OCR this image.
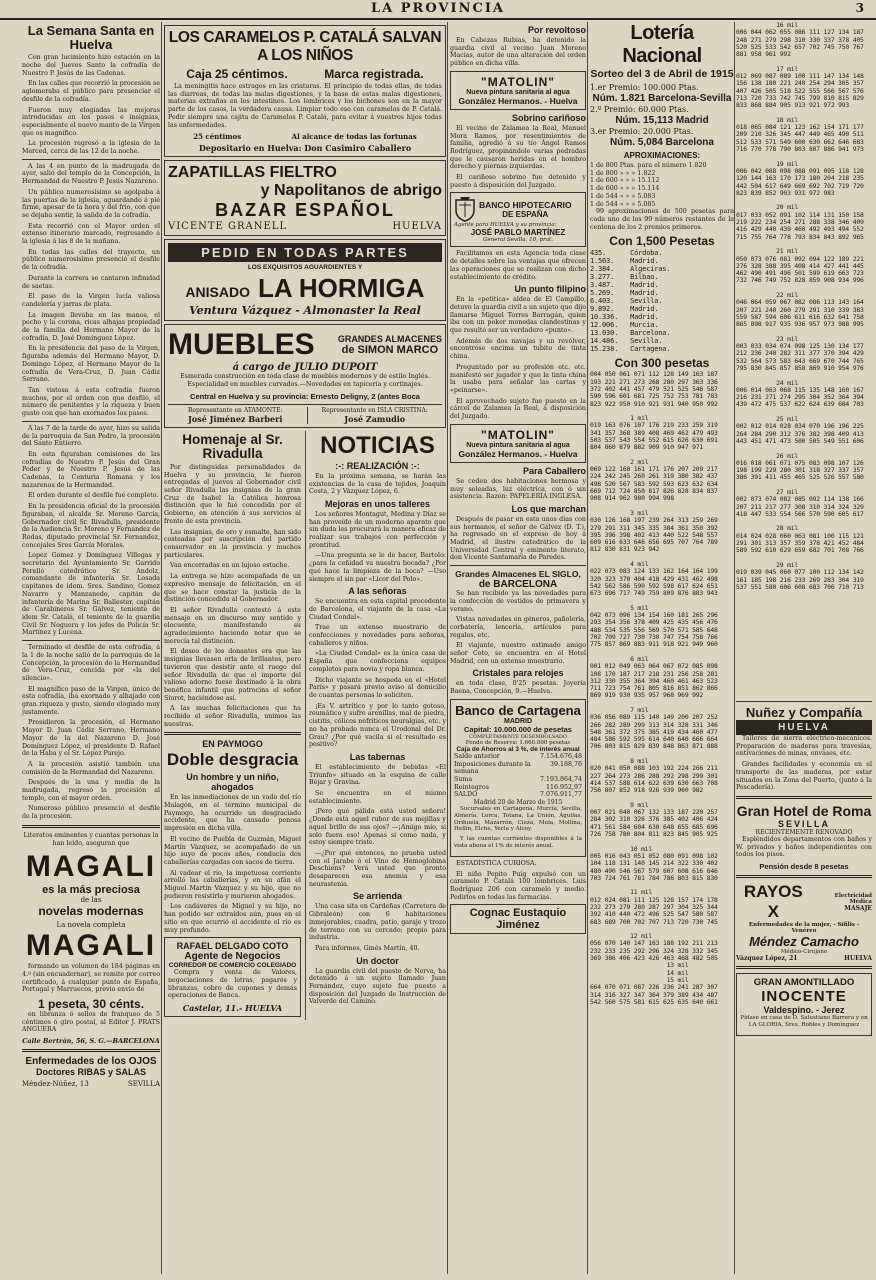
LA PROVINCIA	3
La Semana Santa en Huelva

Con gran lucimiento hizo estación en la noche del Jueves Santo la cofradía de Nuestro P. Jesús de las Cadenas.

En las calles que recorrió la procesión se aglomeraba el público para presenciar el desfile de la cofradía.

Fueron muy elogiadas las mejoras introducidas en los pasos e insignias, especialmente el nuevo manto de la Virgen que es magnífico.

La procesión regresó a la iglesia de la Merced, cerca de las 12 de la noche.

A las 4 en punto de la madrugada de ayer, salió del templo de la Concepción, la Hermandad de Nuestro P. Jesús Nazareno.

Un público numerosísimo se agolpaba á las puertas de la iglesia, aguardando á pié firme, apesar de la hora y del frio, con que se dejaba sentir, la salida de la cofradía.

Esta recorrió con el Mayor orden el extenso itinerario marcado, regresando á la iglesia á las 8 de la mañana.

En todas las calles del trayecto, un público numerosísimo presenció el desfile de la cofradía.

Durante la carrera se cantaron infinidad de saetas.

El paso de la Virgen lucía valiosa candelería y jarras de plata.

La imagen llevaba en las manos, el pecho y la corona, ricas alhajas propiedad de la familia del Hermano Mayor de la cofradía, D. José Domínguez López.

En la presidencia del paso de la Virgen, figuraba además del Hermano Mayor, D. Domingo López, el Hermano Mayor de la cofradía de Vera-Cruz, D. Juan Cádiz Serrano.

Tan vistosa á esta cofradía fueron muchos, por el orden con que desfiló, el número de penitentes y la riqueza y buen gusto con que han exornados los pasos.

A las 7 de la tarde de ayer, hizo su salida de la parroquia de San Pedro, la procesión del Santo Entierro.

En esta figuraban comisiones de las cofradías de Nuestro P. Jesús del Gran Poder y de Nuestro P. Jesús de las Cadenas, la Centuria Romana y los nazarenos de la Hermandad.

El orden durante el desfile fué completo.

En la presidencia oficial de la procesión figuraban, el alcalde Sr. Moreno García, Gobernador civil Sr. Rivadulla, presidente de la Audiencia Sr. Moreno y Fernandez de Rodas, diputado provincial Sr. Fernandez, concejales Sres García Morales.

Lopez Gomez y Domínguez Villegas y secretario del Ayuntamiento Sr. Garrido Perelló catedrático Sr. Andolz, comandante de infantería Sr. Losada capitanes de idem. Sres. Sandino, Gomez Navarro y Manzanedo, capitán de infantería de Marina Sr. Ballester, capitán de Carabineros Sr. Gálvez, teniente de idem Sr. Catalá, el teniente de la guardia Civil Sr. Noguera y los jefes de Policía Sr. Martínez y Lucena.

Terminado el desfile de esta cofradía, á la 1 de la noche salió de la parroquia de la Concepción, la procesión de la Hermandad de Vera-Cruz, concida por «la del silencio».

El magnífico paso de la Virgen, único de esta cofradía, iba exornado y alhajado con gran riqueza y gusto, siendo elogiado muy justamente.

Presidieron la procesión, el Hermano Mayor D. Juan Cádiz Serrano, Hermano Mayor de la del Nazareno D. José Domínguez López, el presidente D. Rafael de la Haba y el Sr. López Parejo.

A la procesión asistió también una comisión de la Hermandad del Nazareno.

Después de la una y media de la madrugada, regresó la procesión al templo, con el mayor orden.

Numeroso público presenció el desfile de la procesión.

Literatos eminentes y cuantas personas la han leído, aseguran que

MAGALI
es la más preciosa
de las
novelas modernas
La novela completa
MAGALI

formando un volumen de 184 páginas en 4.º (sin encuadernar), se remite por correo certificado, á cualquier punto de España, Portugal y Marruecos, previo envío de

1 peseta, 30 cénts.

en libranza ó sellos de franqueo de 5 céntimos ó giro postal, al Editor J. PRATS ANGUERA

Calle Bertrán, 56, S. G.—BARCELONA
Enfermedades de los OJOS
Doctores RIBAS y SALAS
Méndez-Núñez, 13	SEVILLA
LOS CARAMELOS P. CATALÁ SALVAN A LOS NIÑOS
Caja 25 céntimos.	Marca registrada.

La meningitis hace estragos en las criaturas. El principio de todas ellas, de todas las diarreas, de todas las malas digestiones, y la base de estas malas digestiones, materias extrañas en los intestinos. Los lombrices y los bichones son en la mayor parte de los casos, la verdadera causa. Limpiar todo eso con caramelos de P. Catalá. Pedir siempre una cajita de Caramelos P. Catalá, para evitar á vuestros hijos todas las enfermedades.

25 céntimos	Al alcance de todas las fortunas
Depositario en Huelva: Don Casimiro Caballero
ZAPATILLAS FIELTRO
y Napolitanos de abrigo
BAZAR ESPAÑOL
VICENTE GRANELL	HUELVA
PEDID EN TODAS PARTES
LOS EXQUISITOS AGUARDIENTES Y
ANISADO LA HORMIGA
Ventura Vázquez - Almonaster la Real
MUEBLES	GRANDES ALMACENES
de SIMON MARCO
á cargo de JULIO DUPOIT

Esmerada construcción en toda clase de muebles modernos y de estilo Inglés. Especialidad en muebles curvados.—Novedades en tapicería y cortinajes.

Central en Huelva y su provincia: Ernesto Deligny, 2 (antes Boca
Representante en ATAMONTE:
José Jiménez Barberi
Representante en ISLA CRISTINA:
José Zamudio
Homenaje al Sr. Rivadulla

Por distinguidas personalidades de Huelva y su provincia, le fueron entregadas el jueves al Gobernador civil señor Rivadulla las insignias de la gran Cruz de Isabel la Católica honrosa distinción que le fué concedida por el Gobierno, en atención á sus servicios al frente de esta provincia.

Las insignias, de oro y esmalte, han sido costeadas por suscripción del partido conservador en la provincia y muchos particulares.

Van encerradas en un lujoso estuche.

La entrega se hizo acompañada de un expresivo mensaje de felicitación, en el que se hace constar la justicia de la distinción concedida al Gobernador.

El señor Rivadulla contestó á este mensaje en un discurso muy sentido y elocuente, manifestando su agradecimiento haciendo notar que se merecía tal distinción.

El deseo de los donantes era que las insignias llevasen orla de brillantes, pero tuvieron que desistir ante el ruego del señor Rivadulla de que el importe del valioso adorno fuese destinado á la obra benéfica infantil que patrocina el señor Siurot, haciéndose así.

A las muchas felicitaciones que ha recibido el señor Rivadulla, unimos las nuestras.

EN PAYMOGO
Doble desgracia
Un hombre y un niño, ahogados

En las inmediaciones de un vado del río Malagón, en el término municipal de Paymogo, ha ocurrido un desgraciado accidente, que ha causado penosa impresión en dicha villa.

El vecino de Puebla de Guzmán, Miguel Martín Vázquez, se acompañado de un hijo suyo de pocos años, conducía dos caballerías cargadas con sacos de tierra.

Al vadear el río, la impetuosa corriente arrolló las caballerías, y en su afán el Miguel Martín Vázquez y su hijo, que no pudieron resistirla y murieron ahogados.

Los cadáveres de Miguel y su hijo, no han podido ser extraídos aún, pues en el sitio en que ocurrió el accidente el río es muy profundo.

RAFAEL DELGADO COTO
Agente de Negocios
CORREDOR DE COMERCIO COLEGIADO

Compra y venta de Valores, negociaciones de letras, pagarés y libranzas, cobro de cupones y demás operaciones de Banca.

Castelar, 11.- HUELVA
NOTICIAS
:-: REALIZACIÓN :-:

En la próxima semana, se harán las existencias de la casa de tejidos, Joaquín Costa, 2 y Vázquez López, 6.

Mejoras en unos talleres

Los señores Montagut, Medina y Díaz se han proveído de un moderno aparato que sin duda les procurará la manera eficaz de realizar sus trabajos con perfección y prontitud.

—Una pregunta se le de hacer, Bartolo: ¿para la ceñidad va nuestra bocada? ¿Por qué hace la limpieza de la boca? —Uso siempre el sin par «Licor del Polo».

A las señoras

Se encuentra en esta capital procedente de Barcelona, el viajante de la casa «La Ciudad Condal».

Trae un extenso muestrario de confecciones y novedades para señoras, caballeros y niños.

«La Ciudad Condal» es la única casa de España que confecciona equipos completos para novia y ropa blanca.

Dicho viajante se hospeda en el «Hotel París» y pasará previo aviso al domicilio de cuantas personas lo soliciten.

¡Es V. artrítico y por lo tanto gotoso, reumático y sufre arenillas, mal de piedra, cistitis, cólicos nefríticos neuralgias, etc. y no ha probado nunca el Urodonal del Dr. Grau? ¿Por qué vacila si el resultado es positivo?

Las tabernas

El establecimiento de bebidas «El Triunfo» situado en la esquina de calle Béjar y Gravina.

Se encuentra en el mismo establecimiento.

¡Pero qué pálida está usted señora! ¿Donde está aquel rubor de sus mejillas y aquel brillo de sus ojos? —¡Amigo mío, si solo fuera eso! Apenas si como nada, y estoy siempre triste.

—¿Por qué entonces, no prueba usted con el Jarabe ó el Vino de Hemoglobina Deschiens? Verá usted que pronto desaparecen esa anemia y esa neurastenia.

Se arrienda

Una casa sita en Cardeñas (Carretera de Gibraleón) con 6 habitaciones inmejorables, cuadra, patio, garaje y trozo de terreno con su cercado; propio para industria.

Para informes, Ginés Martín, 40.

Un doctor

La guardia civil del puesto de Nerva, ha detenido á un sujeto llamado Juan Fernández, cuyo sujeto fue puesto a disposición del Juzgado de Instrucción de Valverde del Camino.

Por revoltoso

En Cabezas Rubias, ha detenido la guardia civil al vecino Juan Moreno Macías, autor de una alteración del orden público en dicha villa.

"MATOLIN"
Nueva pintura sanitaria al agua
González Hermanos. - Huelva
Sobrino cariñoso

El vecino de Zalamea la Real, Manuel Mora Ramos, por resentimientos de familia, agredió á su tío Ángel Ramos Rodríguez, propinándole varias pedradas que le causaron heridas en el hombro derecho y piernas izquierdas.

El cariñoso sobrino fue detenido y puesto á disposición del Juzgado.

BANCO HIPOTECARIO
DE ESPAÑA
Agente para HUELVA y su provincia:
JOSÉ PABLO MARTÍNEZ
General Sevilla, 10, prat.

Facilitamos en esta Agencia toda clase de detalles sobre las ventajas que ofrecen las operaciones que se realizan con dicho establecimiento de crédito.

Un punto filipino

En la «petitica» aldea de El Campillo, detuvo la guardia civil a un sujeto que dijo llamarse Miguel Torres Barragán, quien iba con un poker monedas clandestinas y que resultó ser un verdadero «punto».

Además de dos navajas y un revólver, encontróse encima un tubito de tinta china.

Preguntado por su profesión etc. etc. manifestó ser jugador y que la tinta china la usaba para señalar las cartas y «peinarse».

El aprovechado sujeto fue puesto en la cárcel de Zalamea la Real, á disposición del Juzgado.

"MATOLIN"
Nueva pintura sanitaria al agua
González Hermanos. - Huelva
Para Caballero

Se ceden dos habitaciones hermosa y muy soleadas, luz eléctrica, con ó sin asistencia. Razón: PAPELERÍA INGLESA.

Los que marchan

Después de pasar en esta unos días con sus hermanos, el señor de Gálvez (D. T.), ha regresado en el expreso de hoy á Madrid, el ilustre catedrático de la Universidad Central y eminente literato, don Vicente Santamaría de Paredes.

Grandes Almacenes EL SIGLO,
de BARCELONA

Se han recibido ya las novedades para la confección de vestidos de primavera y verano.

Vistas novedades en géneros, pañolería, corbatería, lencería, artículos para regalos, etc.

El viajante, nuestro estimado amigo señor Coto, se encuentra en el Hotel Madrid, con un extenso muestrario.

Cristales para relojes

en toda clase, 0'25 pesetas. Joyería Baena, Concepción, 9.—Huelva.

Banco de Cartagena
MADRID
Capital: 10.000.000 de pesetas
COMPLETAMENTE DESEMBOLSADO
Fondo de Reserva: 1.660.000 pesetas
Caja de Ahorros al 3 %, de interés anual
Saldo anterior	7.154.676,48
Imposiciones durante la semana
39.188,76
Suma	7.193.864,74
Reintegros	116.952,97
SALDO	7.076.911,77
Madrid 20 de Marzo de 1915

Sucursales en Cartagena, Murcia, Sevilla, Almería, Lorca, Totana, La Unión, Águilas, Orihuela, Mazarrón, Cieza, Mula, Mollina, Hellín, Elche, Yecla y Alcoy.

Y las cuentas corrientes disponibles á la vista abona el 1% de interés anual.

ESTADÍSTICA CURIOSA.

El niño Pepito Puig expulsó con un caramelo P. Catalá 100 lombrices. Luis Rodríguez 206 con caramelo y medio. Pedirlos en todas las farmacias.

Cognac Eustaquio Jiménez
Lotería Nacional
Sorteo del 3 de Abril de 1915
1.er Premio: 100.000 Ptas.
Núm. 1.821 Barcelona-Sevilla
2.º Premio: 60.000 Ptas.
Núm. 15,113 Madrid
3.er Premio: 20.000 Ptas.
Núm. 5,084 Barcelona
APROXIMACIONES:
1 de 800 Ptas. para el número 1.820
1 de 800 » » » 1.822
1 de 600 » » » 15.112
1 de 600 » » » 15.114
1 de 544 » » » 5.083
1 de 544 » » » 5.085

99 aproximaciones de 500 pesetas para cada uno de los 99 números restantes de la centena de los 2 premios primeros.

Con 1,500 Pesetas
435.      Córdoba.
1.563.    Madrid.
2.384.    Algeciras.
3.277.    Bilbao.
3.487.    Madrid.
5.269.    Madrid.
6.403.    Sevilla.
9.892.    Madrid.
10.336.   Madrid.
12.006.   Murcia.
13.030.   Barcelona.
14.486.   Sevilla.
15.238.   Cartagena.
Con 300 pesetas
004 050 061 071 112 128 149 163 187
193 221 271 273 268 280 297 363 336
372 402 441 457 479 521 525 546 587
590 596 601 681 725 752 753 781 783
823 922 950 910 921 931 940 950 992

1 mil
019 163 076 107 176 219 233 259 319
341 357 368 389 408 469 462 479 493
503 537 543 554 552 615 626 630 691
804 860 879 882 909 910 947 971

2 mil
069 122 160 161 171 176 207 209 217
224 242 245 260 261 319 380 382 437
498 520 567 583 592 593 623 632 634
669 712 724 850 817 826 828 834 837
908 914 962 980 994 998

3 mil
030 126 168 197 239 264 313 259 269
279 291 311 345 335 384 361 350 392
395 396 398 402 413 440 522 548 557
609 616 633 646 656 695 707 764 789
812 830 831 923 942

4 mil
022 073 083 124 133 162 164 164 199
320 323 370 404 418 429 431 462 498
542 562 586 590 592 598 617 624 651
673 696 717 749 759 809 876 883 943

5 mil
042 073 096 134 154 160 181 265 296
293 354 356 378 409 425 435 456 476
488 534 535 556 569 570 571 585 648
702 709 727 730 730 747 754 758 766
775 857 869 883 911 918 921 949 960

6 mil
001 012 049 063 064 067 072 085 098
108 170 187 217 218 231 256 258 281
312 330 355 364 394 460 461 463 523
711 723 754 761 805 816 851 862 866
869 919 930 935 957 968 969 992

7 mil
036 056 089 115 140 149 200 207 252
266 282 289 299 313 314 328 331 346
548 361 372 375 385 419 434 460 477
484 586 592 595 614 640 640 666 664
706 803 815 829 839 848 863 871 888

8 mil
020 041 050 088 103 192 224 266 211
227 264 273 286 288 292 298 299 301
414 537 588 614 622 639 630 663 708
756 807 852 918 926 939 960 982

9 mil
007 021 040 067 132 133 187 220 257
284 302 310 326 376 385 402 406 424
471 561 584 604 630 648 655 685 696
726 758 780 804 811 823 845 905 925

10 mil
005 016 043 051 052 080 091 098 102
104 118 131 140 145 214 322 330 402
480 490 546 567 579 607 608 616 646
703 724 761 781 784 786 803 815 830

11 mil
012 024 081 111 125 128 157 174 178
232 273 279 280 287 297 304 325 344
392 410 440 472 496 525 547 580 587
683 689 700 702 707 713 720 730 745

12 mil
056 070 140 147 163 188 192 211 213
232 233 235 292 296 324 328 332 345
369 386 406 423 426 463 468 482 505
13 mil
14 mil
15 mil
664 070 071 087 226 236 241 287 307
314 316 327 347 364 379 389 434 487
542 560 575 581 615 625 635 640 661
16 mil
006 044 062 055 086 111 127 134 187
248 271 279 298 310 330 337 378 405
520 525 533 542 657 702 745 750 767
881 958 961 992

17 mil
012 069 087 089 100 111 147 134 148
156 138 180 221 240 254 294 305 357
407 426 505 518 522 555 566 567 576
713 720 733 742 745 799 810 815 829
833 868 884 905 913 921 972 993

18 mil
018 065 084 121 123 162 154 171 177
209 210 326 345 447 449 465 490 511
512 533 571 549 600 630 662 646 683
716 770 778 790 803 807 886 941 973

19 mil
006 042 088 098 088 091 095 118 128
120 144 163 170 173 180 204 218 235
442 504 617 649 669 692 702 719 720
823 839 852 903 931 972 983

20 mil
017 033 052 091 102 114 131 150 158
219 222 234 254 271 288 338 346 409
416 429 440 439 460 492 493 494 552
715 755 764 778 793 834 843 892 965

21 mil
050 073 076 081 092 094 122 189 221
276 328 388 395 408 414 427 441 445
462 490 491 496 501 599 619 663 723
732 746 749 752 828 859 908 934 996

22 mil
046 064 059 067 082 086 113 143 164
207 221 240 260 279 291 310 339 383
559 587 594 606 611 616 632 641 758
865 898 917 935 936 957 973 988 995

23 mil
003 033 034 074 098 125 130 134 177
212 236 240 282 311 377 370 394 429
532 564 573 583 643 669 670 744 765
795 830 845 857 858 869 910 954 976

24 mil
006 014 063 068 115 135 148 160 167
216 231 271 274 295 304 352 364 394
439 472 475 537 622 624 639 684 703

25 mil
002 012 014 028 034 070 196 196 225
264 284 290 312 376 382 398 409 413
443 451 471 473 500 505 549 551 606

26 mil
016 018 061 071 075 083 098 107 126
198 199 229 280 301 318 327 337 357
386 391 411 455 465 525 526 557 580

27 mil
002 073 074 082 085 092 114 138 166
207 211 217 277 308 310 314 324 329
418 447 533 554 566 570 590 605 617

28 mil
014 024 028 060 063 081 100 115 121
291 301 313 357 359 378 421 452 484
589 592 610 629 659 682 701 708 766

29 mil
019 039 045 060 077 100 112 134 142
161 185 198 216 233 269 283 304 319
537 551 580 606 608 683 706 710 713
Nuñez y Compañía
HUELVA

Talleres de sierra eléctrico-mecánicos. Preparación de maderas para travesías, entivaciones de minas, envases, etc.

Grandes facilidades y economía en el transporte de las maderas, por estar situados en la Zona del Puerto, (junto á la Pescadería).

Gran Hotel de Roma
SEVILLA
RECIENTEMENTE RENOVADO

Espléndidos departamentos con baños y W. privados y baños independientes con todos los pisos.

Pensión desde 8 pesetas
RAYOS X
Electricidad Médica
MASAJE
Enfermedades de la mujer, - Sífilis - Venéreo
Méndez Camacho
Médico-Cirujano
Vázquez López, 21	HUELVA
GRAN AMONTILLADO
INOCENTE
Valdespino. - Jerez

Pídase en casa de D. Salustiano Barrera y en LA GLORIA, Sres. Robles y Domínguez
